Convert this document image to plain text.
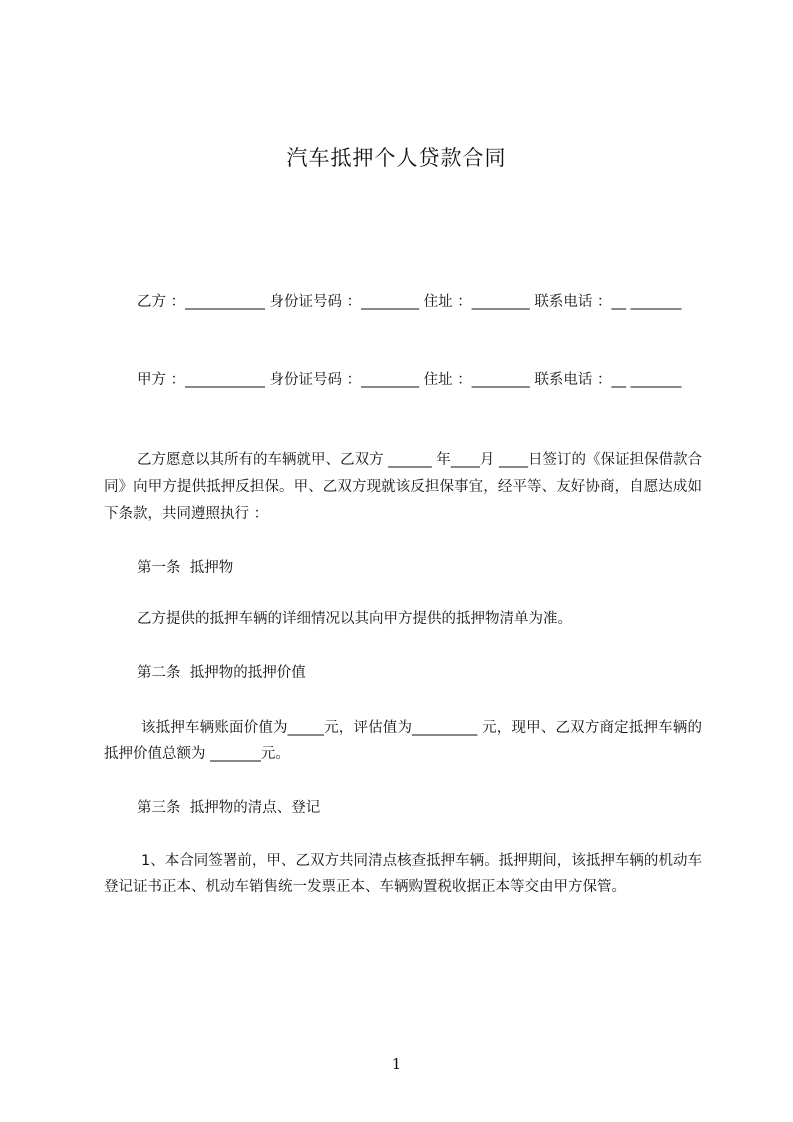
汽车抵押个人贷款合同
乙方 ：___________ 身份证号码 ：________ 住址 ：________ 联系电话 ：__ _______
甲方 ：___________ 身份证号码 ：________ 住址 ：________ 联系电话 ：__ _______
乙方愿意以其所有的车辆就甲、乙双方 ______ 年____月 ____日签订的《保证担保借款合同》向甲方提供抵押反担保。甲、乙双方现就该反担保事宜，经平等、友好协商，自愿达成如下条款，共同遵照执行 ：
第一条  抵押物
乙方提供的抵押车辆的详细情况以其向甲方提供的抵押物清单为准。
第二条  抵押物的抵押价值
该抵押车辆账面价值为_____元，评估值为_________ 元，现甲、乙双方商定抵押车辆的抵押价值总额为 _______元。
第三条  抵押物的清点、登记
1、本合同签署前，甲、乙双方共同清点核查抵押车辆。抵押期间，该抵押车辆的机动车登记证书正本、机动车销售统一发票正本、车辆购置税收据正本等交由甲方保管。
1
